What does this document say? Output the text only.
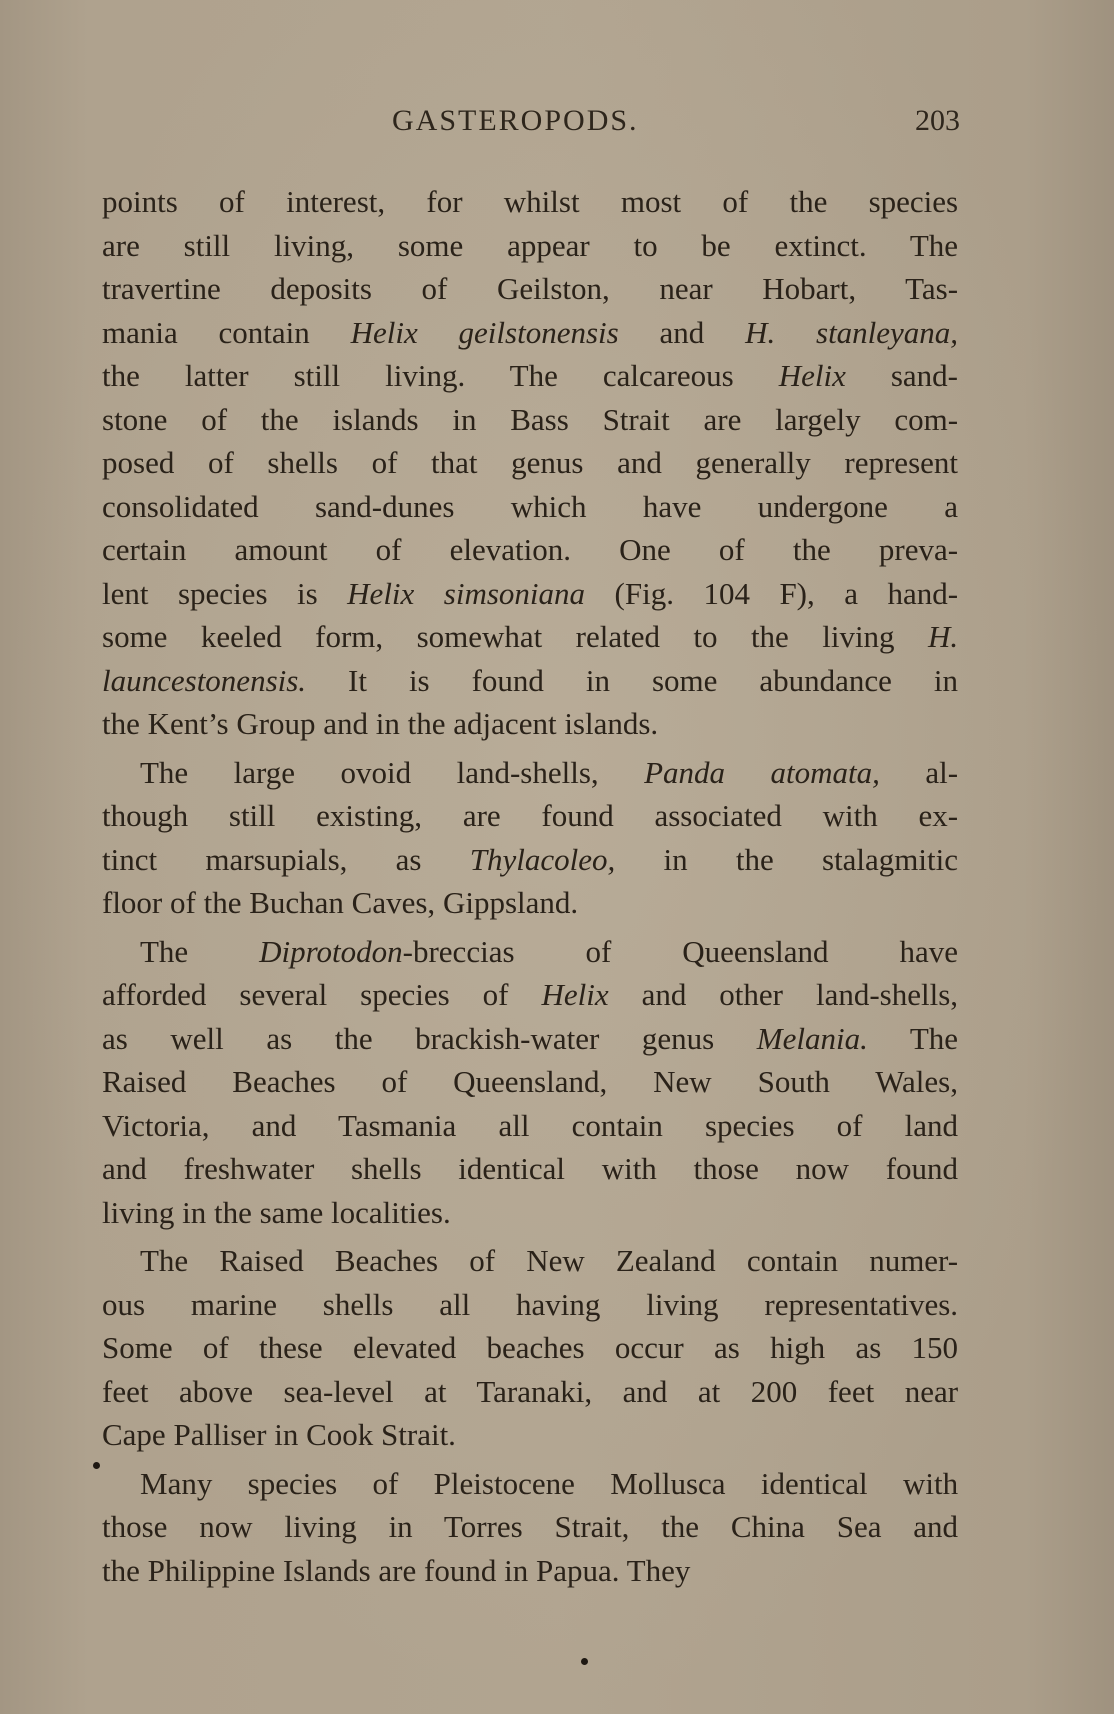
GASTEROPODS.	203
points of interest, for whilst most of the species
are still living, some appear to be extinct. The
travertine deposits of Geilston, near Hobart, Tas-
mania contain Helix geilstonensis and H. stanleyana,
the latter still living. The calcareous Helix sand-
stone of the islands in Bass Strait are largely com-
posed of shells of that genus and generally represent
consolidated sand-dunes which have undergone a
certain amount of elevation. One of the preva-
lent species is Helix simsoniana (Fig. 104 F), a hand-
some keeled form, somewhat related to the living H.
launcestonensis. It is found in some abundance in
the Kent’s Group and in the adjacent islands.
The large ovoid land-shells, Panda atomata, al-
though still existing, are found associated with ex-
tinct marsupials, as Thylacoleo, in the stalagmitic
floor of the Buchan Caves, Gippsland.
The Diprotodon-breccias of Queensland have
afforded several species of Helix and other land-shells,
as well as the brackish-water genus Melania. The
Raised Beaches of Queensland, New South Wales,
Victoria, and Tasmania all contain species of land
and freshwater shells identical with those now found
living in the same localities.
The Raised Beaches of New Zealand contain numer-
ous marine shells all having living representatives.
Some of these elevated beaches occur as high as 150
feet above sea-level at Taranaki, and at 200 feet near
Cape Palliser in Cook Strait.
Many species of Pleistocene Mollusca identical with
those now living in Torres Strait, the China Sea and
the Philippine Islands are found in Papua. They
